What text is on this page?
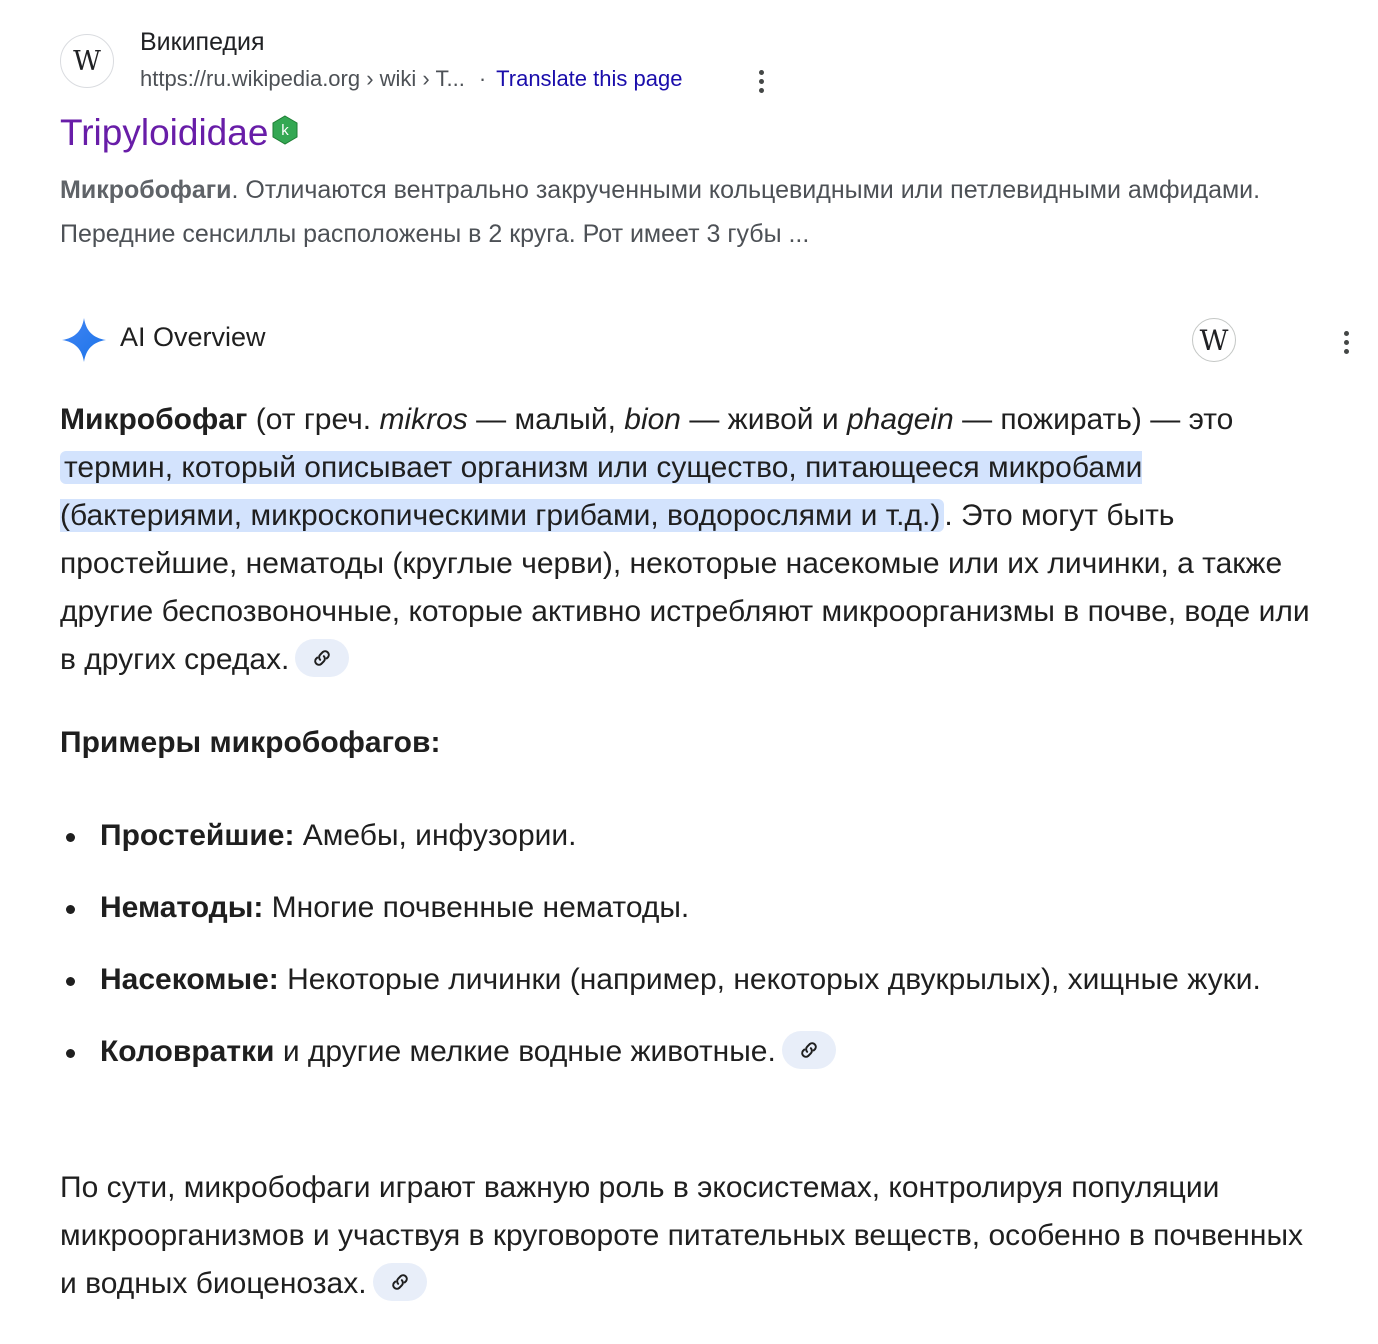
W
Википедия
https://ru.wikipedia.org › wiki › T... · Translate this page
Tripyloididae k
Микробофаги. Отличаются вентрально закрученными кольцевидными или петлевидными амфидами. Передние сенсиллы расположены в 2 круга. Рот имеет 3 губы ...
AI Overview	W
Микробофаг (от греч. mikros — малый, bion — живой и phagein — пожирать) — это термин, который описывает организм или существо, питающееся микробами (бактериями, микроскопическими грибами, водорослями и т.д.) . Это могут быть простейшие, нематоды (круглые черви), некоторые насекомые или их личинки, а также другие беспозвоночные, которые активно истребляют микроорганизмы в почве, воде или в других средах.
Примеры микробофагов:
Простейшие: Амебы, инфузории.
Нематоды: Многие почвенные нематоды.
Насекомые: Некоторые личинки (например, некоторых двукрылых), хищные жуки.
Коловратки и другие мелкие водные животные.
По сути, микробофаги играют важную роль в экосистемах, контролируя популяции микроорганизмов и участвуя в круговороте питательных веществ, особенно в почвенных и водных биоценозах.
